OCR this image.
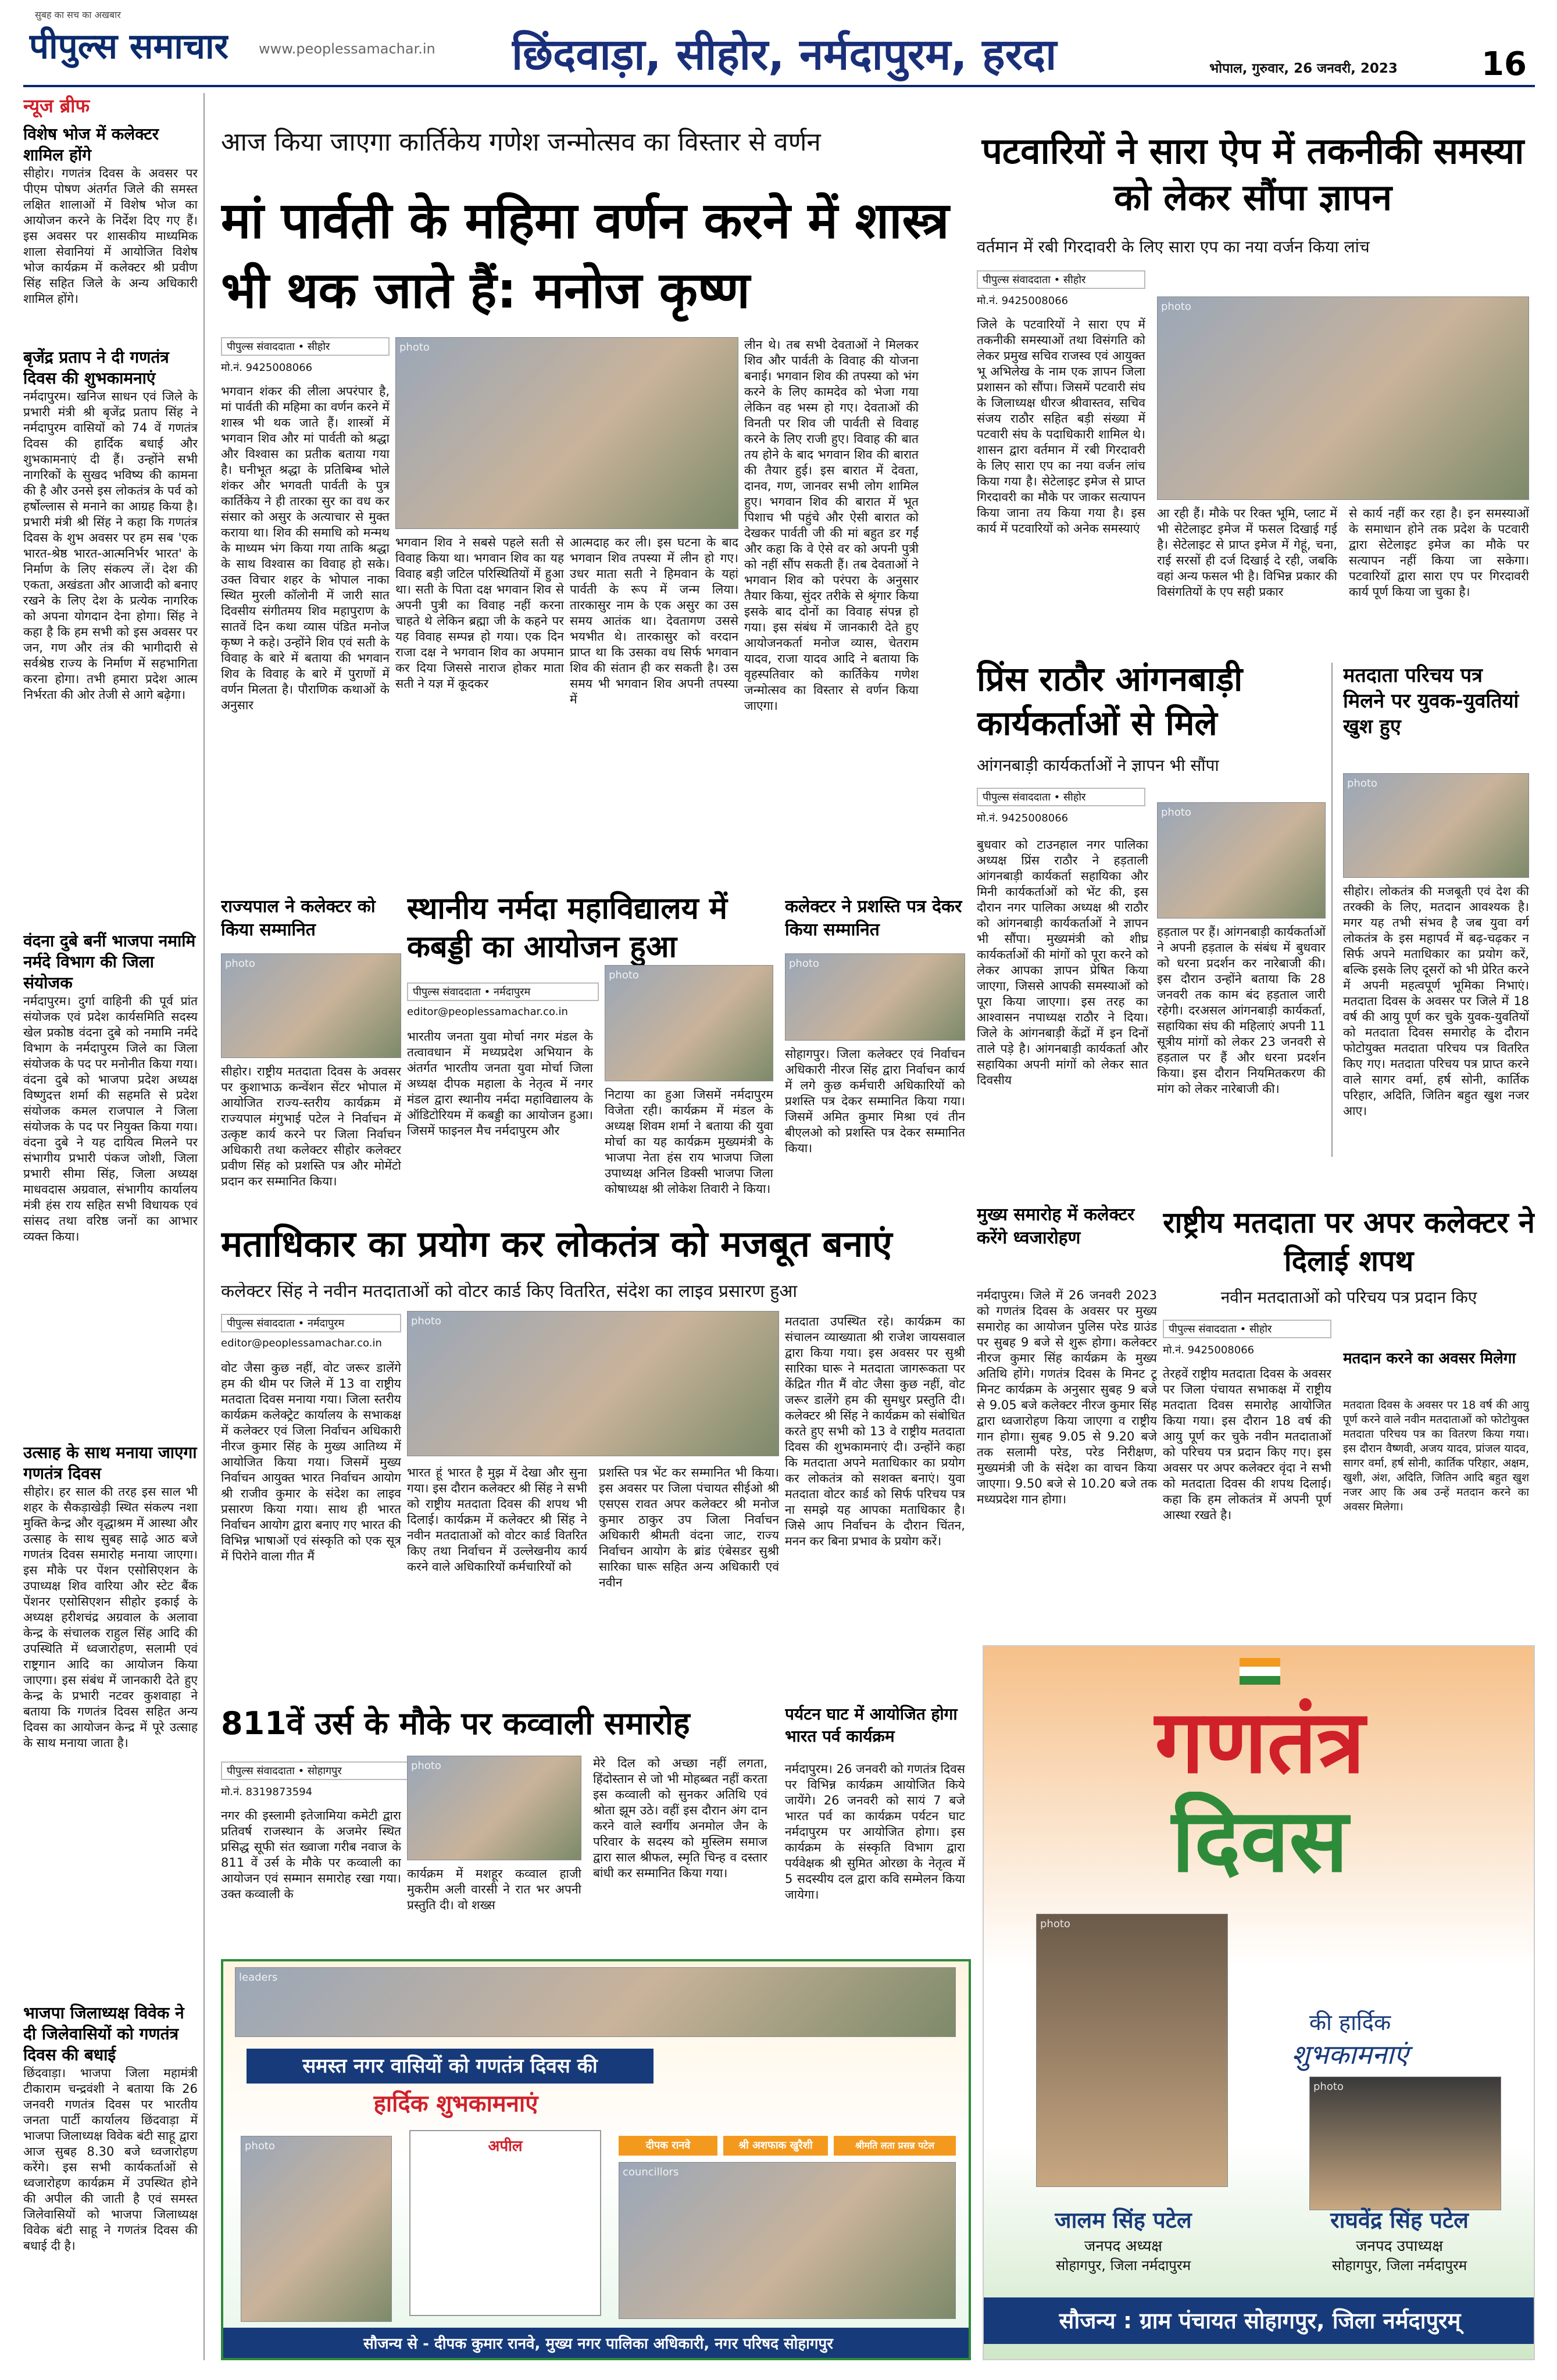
सुबह का सच का अखबार
पीपुल्स समाचार www.peoplessamachar.in छिंदवाड़ा, सीहोर, नर्मदापुरम, हरदा	भोपाल, गुरुवार, 26 जनवरी, 2023	16
न्यूज ब्रीफ
विशेष भोज में कलेक्टर शामिल होंगे
सीहोर। गणतंत्र दिवस के अवसर पर पीएम पोषण अंतर्गत जिले की समस्त लक्षित शालाओं में विशेष भोज का आयोजन करने के निर्देश दिए गए हैं। इस अवसर पर शासकीय माध्यमिक शाला सेवानियां में आयोजित विशेष भोज कार्यक्रम में कलेक्टर श्री प्रवीण सिंह सहित जिले के अन्य अधिकारी शामिल होंगे।
बृजेंद्र प्रताप ने दी गणतंत्र दिवस की शुभकामनाएं
नर्मदापुरम। खनिज साधन एवं जिले के प्रभारी मंत्री श्री बृजेंद्र प्रताप सिंह ने नर्मदापुरम वासियों को 74 वें गणतंत्र दिवस की हार्दिक बधाई और शुभकामनाएं दी हैं। उन्होंने सभी नागरिकों के सुखद भविष्य की कामना की है और उनसे इस लोकतंत्र के पर्व को हर्षोल्लास से मनाने का आग्रह किया है। प्रभारी मंत्री श्री सिंह ने कहा कि गणतंत्र दिवस के शुभ अवसर पर हम सब 'एक भारत-श्रेष्ठ भारत-आत्मनिर्भर भारत' के निर्माण के लिए संकल्प लें। देश की एकता, अखंडता और आजादी को बनाए रखने के लिए देश के प्रत्येक नागरिक को अपना योगदान देना होगा। सिंह ने कहा है कि हम सभी को इस अवसर पर जन, गण और तंत्र की भागीदारी से सर्वश्रेष्ठ राज्य के निर्माण में सहभागिता करना होगा। तभी हमारा प्रदेश आत्म निर्भरता की ओर तेजी से आगे बढ़ेगा।
वंदना दुबे बनीं भाजपा नमामि नर्मदे विभाग की जिला संयोजक
नर्मदापुरम। दुर्गा वाहिनी की पूर्व प्रांत संयोजक एवं प्रदेश कार्यसमिति सदस्य खेल प्रकोष्ठ वंदना दुबे को नमामि नर्मदे विभाग के नर्मदापुरम जिले का जिला संयोजक के पद पर मनोनीत किया गया। वंदना दुबे को भाजपा प्रदेश अध्यक्ष विष्णुदत्त शर्मा की सहमति से प्रदेश संयोजक कमल राजपाल ने जिला संयोजक के पद पर नियुक्त किया गया। वंदना दुबे ने यह दायित्व मिलने पर संभागीय प्रभारी पंकज जोशी, जिला प्रभारी सीमा सिंह, जिला अध्यक्ष माधवदास अग्रवाल, संभागीय कार्यालय मंत्री हंस राय सहित सभी विधायक एवं सांसद तथा वरिष्ठ जनों का आभार व्यक्त किया।
उत्साह के साथ मनाया जाएगा गणतंत्र दिवस
सीहोर। हर साल की तरह इस साल भी शहर के सैकड़ाखेड़ी स्थित संकल्प नशा मुक्ति केन्द्र और वृद्धाश्रम में आस्था और उत्साह के साथ सुबह साढ़े आठ बजे गणतंत्र दिवस समारोह मनाया जाएगा। इस मौके पर पेंशन एसोसिएशन के उपाध्यक्ष शिव वारिया और स्टेट बैंक पेंशनर एसोसिएशन सीहोर इकाई के अध्यक्ष हरीशचंद्र अग्रवाल के अलावा केन्द्र के संचालक राहुल सिंह आदि की उपस्थिति में ध्वजारोहण, सलामी एवं राष्ट्रगान आदि का आयोजन किया जाएगा। इस संबंध में जानकारी देते हुए केन्द्र के प्रभारी नटवर कुशवाहा ने बताया कि गणतंत्र दिवस सहित अन्य दिवस का आयोजन केन्द्र में पूरे उत्साह के साथ मनाया जाता है।
भाजपा जिलाध्यक्ष विवेक ने दी जिलेवासियों को गणतंत्र दिवस की बधाई
छिंदवाड़ा। भाजपा जिला महामंत्री टीकाराम चन्द्रवंशी ने बताया कि 26 जनवरी गणतंत्र दिवस पर भारतीय जनता पार्टी कार्यालय छिंदवाड़ा में भाजपा जिलाध्यक्ष विवेक बंटी साहू द्वारा आज सुबह 8.30 बजे ध्वजारोहण करेंगे। इस सभी कार्यकर्ताओं से ध्वजारोहण कार्यक्रम में उपस्थित होने की अपील की जाती है एवं समस्त जिलेवासियों को भाजपा जिलाध्यक्ष विवेक बंटी साहू ने गणतंत्र दिवस की बधाई दी है।
आज किया जाएगा कार्तिकेय गणेश जन्मोत्सव का विस्तार से वर्णन
मां पार्वती के महिमा वर्णन करने में शास्त्र भी थक जाते हैं: मनोज कृष्ण
पीपुल्स संवाददाता • सीहोर
मो.नं. 9425008066
photo
भगवान शंकर की लीला अपरंपार है, मां पार्वती की महिमा का वर्णन करने में शास्त्र भी थक जाते हैं। शास्त्रों में भगवान शिव और मां पार्वती को श्रद्धा और विश्वास का प्रतीक बताया गया है। घनीभूत श्रद्धा के प्रतिबिम्ब भोले शंकर और भगवती पार्वती के पुत्र कार्तिकेय ने ही तारका सुर का वध कर संसार को असुर के अत्याचार से मुक्त कराया था। शिव की समाधि को मन्मथ के माध्यम भंग किया गया ताकि श्रद्धा के साथ विश्वास का विवाह हो सके। उक्त विचार शहर के भोपाल नाका स्थित मुरली कॉलोनी में जारी सात दिवसीय संगीतमय शिव महापुराण के सातवें दिन कथा व्यास पंडित मनोज कृष्ण ने कहे। उन्होंने शिव एवं सती के विवाह के बारे में बताया की भगवान शिव के विवाह के बारे में पुराणों में वर्णन मिलता है। पौराणिक कथाओं के अनुसार
भगवान शिव ने सबसे पहले सती से विवाह किया था। भगवान शिव का यह विवाह बड़ी जटिल परिस्थितियों में हुआ था। सती के पिता दक्ष भगवान शिव से अपनी पुत्री का विवाह नहीं करना चाहते थे लेकिन ब्रह्मा जी के कहने पर यह विवाह सम्पन्न हो गया। एक दिन राजा दक्ष ने भगवान शिव का अपमान कर दिया जिससे नाराज होकर माता सती ने यज्ञ में कूदकर
आत्मदाह कर ली। इस घटना के बाद भगवान शिव तपस्या में लीन हो गए। उधर माता सती ने हिमवान के यहां पार्वती के रूप में जन्म लिया। तारकासुर नाम के एक असुर का उस समय आतंक था। देवतागण उससे भयभीत थे। तारकासुर को वरदान प्राप्त था कि उसका वध सिर्फ भगवान शिव की संतान ही कर सकती है। उस समय भी भगवान शिव अपनी तपस्या में
लीन थे। तब सभी देवताओं ने मिलकर शिव और पार्वती के विवाह की योजना बनाई। भगवान शिव की तपस्या को भंग करने के लिए कामदेव को भेजा गया लेकिन वह भस्म हो गए। देवताओं की विनती पर शिव जी पार्वती से विवाह करने के लिए राजी हुए। विवाह की बात तय होने के बाद भगवान शिव की बारात की तैयार हुई। इस बारात में देवता, दानव, गण, जानवर सभी लोग शामिल हुए। भगवान शिव की बारात में भूत पिशाच भी पहुंचे और ऐसी बारात को देखकर पार्वती जी की मां बहुत डर गईं और कहा कि वे ऐसे वर को अपनी पुत्री को नहीं सौंप सकती हैं। तब देवताओं ने भगवान शिव को परंपरा के अनुसार तैयार किया, सुंदर तरीके से श्रृंगार किया इसके बाद दोनों का विवाह संपन्न हो गया। इस संबंध में जानकारी देते हुए आयोजनकर्ता मनोज व्यास, चेतराम यादव, राजा यादव आदि ने बताया कि वृहस्पतिवार को कार्तिकेय गणेश जन्मोत्सव का विस्तार से वर्णन किया जाएगा।
पटवारियों ने सारा ऐप में तकनीकी समस्या को लेकर सौंपा ज्ञापन
वर्तमान में रबी गिरदावरी के लिए सारा एप का नया वर्जन किया लांच
पीपुल्स संवाददाता • सीहोर
मो.नं. 9425008066
जिले के पटवारियों ने सारा एप में तकनीकी समस्याओं तथा विसंगति को लेकर प्रमुख सचिव राजस्व एवं आयुक्त भू अभिलेख के नाम एक ज्ञापन जिला प्रशासन को सौंपा। जिसमें पटवारी संघ के जिलाध्यक्ष धीरज श्रीवास्तव, सचिव संजय राठौर सहित बड़ी संख्या में पटवारी संघ के पदाधिकारी शामिल थे। शासन द्वारा वर्तमान में रबी गिरदावरी के लिए सारा एप का नया वर्जन लांच किया गया है। सेटेलाइट इमेज से प्राप्त गिरदावरी का मौके पर जाकर सत्यापन किया जाना तय किया गया है। इस कार्य में पटवारियों को अनेक समस्याएं
photo
आ रही हैं। मौके पर रिक्त भूमि, प्लाट में भी सेटेलाइट इमेज में फसल दिखाई गई है। सेटेलाइट से प्राप्त इमेज में गेहूं, चना, राई सरसों ही दर्ज दिखाई दे रही, जबकि वहां अन्य फसल भी है। विभिन्न प्रकार की विसंगतियों के एप सही प्रकार
से कार्य नहीं कर रहा है। इन समस्याओं के समाधान होने तक प्रदेश के पटवारी द्वारा सेटेलाइट इमेज का मौके पर सत्यापन नहीं किया जा सकेगा। पटवारियों द्वारा सारा एप पर गिरदावरी कार्य पूर्ण किया जा चुका है।
प्रिंस राठौर आंगनबाड़ी कार्यकर्ताओं से मिले
आंगनबाड़ी कार्यकर्ताओं ने ज्ञापन भी सौंपा
पीपुल्स संवाददाता • सीहोर
मो.नं. 9425008066	photo
बुधवार को टाउनहाल नगर पालिका अध्यक्ष प्रिंस राठौर ने हड़ताली आंगनबाड़ी कार्यकर्ता सहायिका और मिनी कार्यकर्ताओं को भेंट की, इस दौरान नगर पालिका अध्यक्ष श्री राठौर को आंगनबाड़ी कार्यकर्ताओं ने ज्ञापन भी सौंपा। मुख्यमंत्री को शीघ्र कार्यकर्ताओं की मांगों को पूरा करने को लेकर आपका ज्ञापन प्रेषित किया जाएगा, जिससे आपकी समस्याओं को पूरा किया जाएगा। इस तरह का आश्वासन नपाध्यक्ष राठौर ने दिया। जिले के आंगनबाड़ी केंद्रों में इन दिनों ताले पड़े है। आंगनबाड़ी कार्यकर्ता और सहायिका अपनी मांगों को लेकर सात दिवसीय
हड़ताल पर हैं। आंगनबाड़ी कार्यकर्ताओं ने अपनी हड़ताल के संबंध में बुधवार को धरना प्रदर्शन कर नारेबाजी की। इस दौरान उन्होंने बताया कि 28 जनवरी तक काम बंद हड़ताल जारी रहेगी। दरअसल आंगनबाड़ी कार्यकर्ता, सहायिका संघ की महिलाएं अपनी 11 सूत्रीय मांगों को लेकर 23 जनवरी से हड़ताल पर हैं और धरना प्रदर्शन किया। इस दौरान नियमितकरण की मांग को लेकर नारेबाजी की।
मतदाता परिचय पत्र मिलने पर युवक-युवतियां खुश हुए
photo
सीहोर। लोकतंत्र की मजबूती एवं देश की तरक्की के लिए, मतदान आवश्यक है। मगर यह तभी संभव है जब युवा वर्ग लोकतंत्र के इस महापर्व में बढ़-चढ़कर न सिर्फ अपने मताधिकार का प्रयोग करें, बल्कि इसके लिए दूसरों को भी प्रेरित करने में अपनी महत्वपूर्ण भूमिका निभाएं। मतदाता दिवस के अवसर पर जिले में 18 वर्ष की आयु पूर्ण कर चुके युवक-युवतियों को मतदाता दिवस समारोह के दौरान फोटोयुक्त मतदाता परिचय पत्र वितरित किए गए। मतदाता परिचय पत्र प्राप्त करने वाले सागर वर्मा, हर्ष सोनी, कार्तिक परिहार, अदिति, जितिन बहुत खुश नजर आए।
राज्यपाल ने कलेक्टर को किया सम्मानित
photo
सीहोर। राष्ट्रीय मतदाता दिवस के अवसर पर कुशाभाऊ कन्वेंशन सेंटर भोपाल में आयोजित राज्य-स्तरीय कार्यक्रम में राज्यपाल मंगुभाई पटेल ने निर्वाचन में उत्कृष्ट कार्य करने पर जिला निर्वाचन अधिकारी तथा कलेक्टर सीहोर कलेक्टर प्रवीण सिंह को प्रशस्ति पत्र और मोमेंटो प्रदान कर सम्मानित किया।
स्थानीय नर्मदा महाविद्यालय में कबड्डी का आयोजन हुआ
पीपुल्स संवाददाता • नर्मदापुरम
editor@peoplessamachar.co.in
photo
भारतीय जनता युवा मोर्चा नगर मंडल के तत्वावधान में मध्यप्रदेश अभियान के अंतर्गत भारतीय जनता युवा मोर्चा जिला अध्यक्ष दीपक महाला के नेतृत्व में नगर मंडल द्वारा स्थानीय नर्मदा महाविद्यालय के ऑडिटोरियम में कबड्डी का आयोजन हुआ। जिसमें फाइनल मैच नर्मदापुरम और
निटाया का हुआ जिसमें नर्मदापुरम विजेता रही। कार्यक्रम में मंडल के अध्यक्ष शिवम शर्मा ने बताया की युवा मोर्चा का यह कार्यक्रम मुख्यमंत्री के भाजपा नेता हंस राय भाजपा जिला उपाध्यक्ष अनिल डिक्सी भाजपा जिला कोषाध्यक्ष श्री लोकेश तिवारी ने किया।
कलेक्टर ने प्रशस्ति पत्र देकर किया सम्मानित
photo
सोहागपुर। जिला कलेक्टर एवं निर्वाचन अधिकारी नीरज सिंह द्वारा निर्वाचन कार्य में लगे कुछ कर्मचारी अधिकारियों को प्रशस्ति पत्र देकर सम्मानित किया गया। जिसमें अमित कुमार मिश्रा एवं तीन बीएलओ को प्रशस्ति पत्र देकर सम्मानित किया।
मताधिकार का प्रयोग कर लोकतंत्र को मजबूत बनाएं
कलेक्टर सिंह ने नवीन मतदाताओं को वोटर कार्ड किए वितरित, संदेश का लाइव प्रसारण हुआ
पीपुल्स संवाददाता • नर्मदापुरम
editor@peoplessamachar.co.in
photo
वोट जैसा कुछ नहीं, वोट जरूर डालेंगे हम की थीम पर जिले में 13 वा राष्ट्रीय मतदाता दिवस मनाया गया। जिला स्तरीय कार्यक्रम कलेक्ट्रेट कार्यालय के सभाकक्ष में कलेक्टर एवं जिला निर्वाचन अधिकारी नीरज कुमार सिंह के मुख्य आतिथ्य में आयोजित किया गया। जिसमें मुख्य निर्वाचन आयुक्त भारत निर्वाचन आयोग श्री राजीव कुमार के संदेश का लाइव प्रसारण किया गया। साथ ही भारत निर्वाचन आयोग द्वारा बनाए गए भारत की विभिन्न भाषाओं एवं संस्कृति को एक सूत्र में पिरोने वाला गीत मैं
भारत हूं भारत है मुझ में देखा और सुना गया। इस दौरान कलेक्टर श्री सिंह ने सभी को राष्ट्रीय मतदाता दिवस की शपथ भी दिलाई। कार्यक्रम में कलेक्टर श्री सिंह ने नवीन मतदाताओं को वोटर कार्ड वितरित किए तथा निर्वाचन में उल्लेखनीय कार्य करने वाले अधिकारियों कर्मचारियों को
प्रशस्ति पत्र भेंट कर सम्मानित भी किया। इस अवसर पर जिला पंचायत सीईओ श्री एसएस रावत अपर कलेक्टर श्री मनोज कुमार ठाकुर उप जिला निर्वाचन अधिकारी श्रीमती वंदना जाट, राज्य निर्वाचन आयोग के ब्रांड एंबेसडर सुश्री सारिका घारू सहित अन्य अधिकारी एवं नवीन
मतदाता उपस्थित रहे। कार्यक्रम का संचालन व्याख्याता श्री राजेश जायसवाल द्वारा किया गया। इस अवसर पर सुश्री सारिका घारू ने मतदाता जागरूकता पर केंद्रित गीत मैं वोट जैसा कुछ नहीं, वोट जरूर डालेंगे हम की सुमधुर प्रस्तुति दी। कलेक्टर श्री सिंह ने कार्यक्रम को संबोधित करते हुए सभी को 13 वे राष्ट्रीय मतदाता दिवस की शुभकामनाएं दी। उन्होंने कहा कि मतदाता अपने मताधिकार का प्रयोग कर लोकतंत्र को सशक्त बनाएं। युवा मतदाता वोटर कार्ड को सिर्फ परिचय पत्र ना समझे यह आपका मताधिकार है। जिसे आप निर्वाचन के दौरान चिंतन, मनन कर बिना प्रभाव के प्रयोग करें।
मुख्य समारोह में कलेक्टर करेंगे ध्वजारोहण
नर्मदापुरम। जिले में 26 जनवरी 2023 को गणतंत्र दिवस के अवसर पर मुख्य समारोह का आयोजन पुलिस परेड ग्राउंड पर सुबह 9 बजे से शुरू होगा। कलेक्टर नीरज कुमार सिंह कार्यक्रम के मुख्य अतिथि होंगे। गणतंत्र दिवस के मिनट टू मिनट कार्यक्रम के अनुसार सुबह 9 बजे से 9.05 बजे कलेक्टर नीरज कुमार सिंह द्वारा ध्वजारोहण किया जाएगा व राष्ट्रीय गान होगा। सुबह 9.05 से 9.20 बजे तक सलामी परेड, परेड निरीक्षण, मुख्यमंत्री जी के संदेश का वाचन किया जाएगा। 9.50 बजे से 10.20 बजे तक मध्यप्रदेश गान होगा।
राष्ट्रीय मतदाता पर अपर कलेक्टर ने दिलाई शपथ
नवीन मतदाताओं को परिचय पत्र प्रदान किए
पीपुल्स संवाददाता • सीहोर
मो.नं. 9425008066
तेरहवें राष्ट्रीय मतदाता दिवस के अवसर पर जिला पंचायत सभाकक्ष में राष्ट्रीय मतदाता दिवस समारोह आयोजित किया गया। इस दौरान 18 वर्ष की आयु पूर्ण कर चुके नवीन मतदाताओं को परिचय पत्र प्रदान किए गए। इस अवसर पर अपर कलेक्टर वृंदा ने सभी को मतदाता दिवस की शपथ दिलाई। कहा कि हम लोकतंत्र में अपनी पूर्ण आस्था रखते है।
मतदान करने का अवसर मिलेगा
मतदाता दिवस के अवसर पर 18 वर्ष की आयु पूर्ण करने वाले नवीन मतदाताओं को फोटोयुक्त मतदाता परिचय पत्र का वितरण किया गया। इस दौरान वैष्णवी, अजय यादव, प्रांजल यादव, सागर वर्मा, हर्ष सोनी, कार्तिक परिहार, अक्षम, खुशी, अंश, अदिति, जितिन आदि बहुत खुश नजर आए कि अब उन्हें मतदान करने का अवसर मिलेगा।
811वें उर्स के मौके पर कव्वाली समारोह
पीपुल्स संवाददाता • सोहागपुर
मो.नं. 8319873594
photo
नगर की इस्लामी इतेजामिया कमेटी द्वारा प्रतिवर्ष राजस्थान के अजमेर स्थित प्रसिद्ध सूफी संत ख्वाजा गरीब नवाज के 811 वें उर्स के मौके पर कव्वाली का आयोजन एवं सम्मान समारोह रखा गया। उक्त कव्वाली के
कार्यक्रम में मशहूर कव्वाल हाजी मुकरीम अली वारसी ने रात भर अपनी प्रस्तुति दी। वो शख्स
मेरे दिल को अच्छा नहीं लगता, हिंदोस्तान से जो भी मोहब्बत नहीं करता इस कव्वाली को सुनकर अतिथि एवं श्रोता झूम उठे। वहीं इस दौरान अंग दान करने वाले स्वर्गीय अनमोल जैन के परिवार के सदस्य को मुस्लिम समाज द्वारा साल श्रीफल, स्मृति चिन्ह व दस्तार बांधी कर सम्मानित किया गया।
पर्यटन घाट में आयोजित होगा भारत पर्व कार्यक्रम
नर्मदापुरम। 26 जनवरी को गणतंत्र दिवस पर विभिन्न कार्यक्रम आयोजित किये जायेंगे। 26 जनवरी को सायं 7 बजे भारत पर्व का कार्यक्रम पर्यटन घाट नर्मदापुरम पर आयोजित होगा। इस कार्यक्रम के संस्कृति विभाग द्वारा पर्यवेक्षक श्री सुमित ओरछा के नेतृत्व में 5 सदस्यीय दल द्वारा कवि सम्मेलन किया जायेगा।
leaders
समस्त नगर वासियों को गणतंत्र दिवस की
हार्दिक शुभकामनाएं
photo	अपील	दीपक रानवे	श्री अशफाक खुरैशी	श्रीमति लता प्रसन्न पटेल
councillors
सौजन्य से - दीपक कुमार रानवे, मुख्य नगर पालिका अधिकारी, नगर परिषद सोहागपुर
गणतंत्र
दिवस
photo
की हार्दिक
शुभकामनाएं
photo
जालम सिंह पटेल
जनपद अध्यक्ष
सोहागपुर, जिला नर्मदापुरम
राघवेंद्र सिंह पटेल
जनपद उपाध्यक्ष
सोहागपुर, जिला नर्मदापुरम
सौजन्य : ग्राम पंचायत सोहागपुर, जिला नर्मदापुरम्
